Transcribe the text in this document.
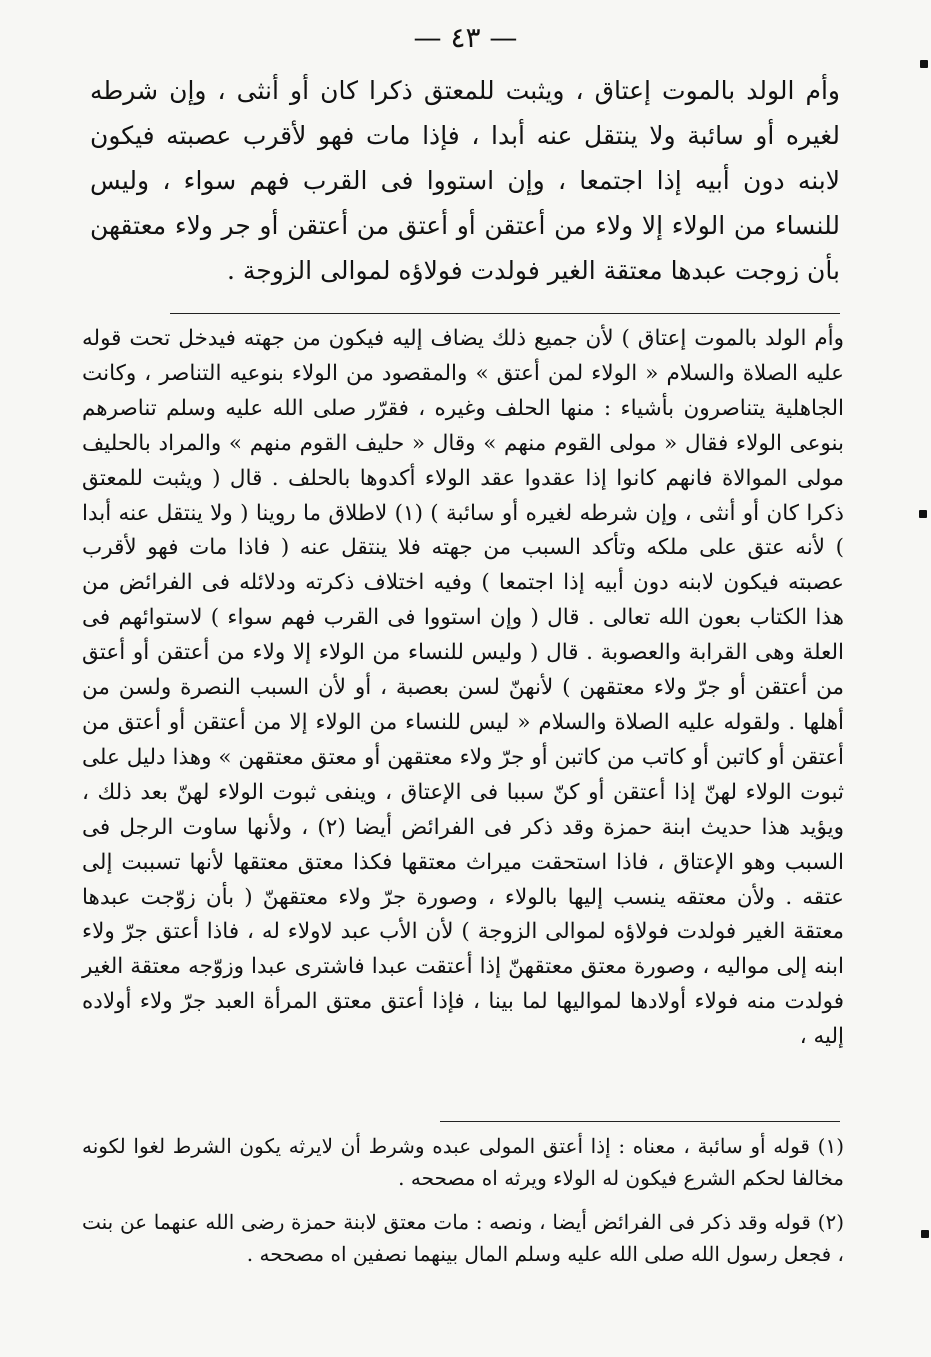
— ٤٣ —

وأم الولد بالموت إعتاق ، ويثبت للمعتق ذكرا كان أو أنثى ، وإن شرطه لغيره أو سائبة ولا ينتقل عنه أبدا ، فإذا مات فهو لأقرب عصبته فيكون لابنه دون أبيه إذا اجتمعا ، وإن استووا فى القرب فهم سواء ، وليس للنساء من الولاء إلا ولاء من أعتقن أو أعتق من أعتقن أو جر ولاء معتقهن بأن زوجت عبدها معتقة الغير فولدت فولاؤه لموالى الزوجة .

وأم الولد بالموت إعتاق ) لأن جميع ذلك يضاف إليه فيكون من جهته فيدخل تحت قوله عليه الصلاة والسلام « الولاء لمن أعتق » والمقصود من الولاء بنوعيه التناصر ، وكانت الجاهلية يتناصرون بأشياء : منها الحلف وغيره ، فقرّر صلى الله عليه وسلم تناصرهم بنوعى الولاء فقال « مولى القوم منهم » وقال « حليف القوم منهم » والمراد بالحليف مولى الموالاة فانهم كانوا إذا عقدوا عقد الولاء أكدوها بالحلف . قال ( ويثبت للمعتق ذكرا كان أو أنثى ، وإن شرطه لغيره أو سائبة ) (١) لاطلاق ما روينا ( ولا ينتقل عنه أبدا ) لأنه عتق على ملكه وتأكد السبب من جهته فلا ينتقل عنه ( فاذا مات فهو لأقرب عصبته فيكون لابنه دون أبيه إذا اجتمعا ) وفيه اختلاف ذكرته ودلائله فى الفرائض من هذا الكتاب بعون الله تعالى . قال ( وإن استووا فى القرب فهم سواء ) لاستوائهم فى العلة وهى القرابة والعصوبة . قال ( وليس للنساء من الولاء إلا ولاء من أعتقن أو أعتق من أعتقن أو جرّ ولاء معتقهن ) لأنهنّ لسن بعصبة ، أو لأن السبب النصرة ولسن من أهلها . ولقوله عليه الصلاة والسلام « ليس للنساء من الولاء إلا من أعتقن أو أعتق من أعتقن أو كاتبن أو كاتب من كاتبن أو جرّ ولاء معتقهن أو معتق معتقهن » وهذا دليل على ثبوت الولاء لهنّ إذا أعتقن أو كنّ سببا فى الإعتاق ، وينفى ثبوت الولاء لهنّ بعد ذلك ، ويؤيد هذا حديث ابنة حمزة وقد ذكر فى الفرائض أيضا (٢) ، ولأنها ساوت الرجل فى السبب وهو الإعتاق ، فاذا استحقت ميراث معتقها فكذا معتق معتقها لأنها تسببت إلى عتقه . ولأن معتقه ينسب إليها بالولاء ، وصورة جرّ ولاء معتقهنّ ( بأن زوّجت عبدها معتقة الغير فولدت فولاؤه لموالى الزوجة ) لأن الأب عبد لاولاء له ، فاذا أعتق جرّ ولاء ابنه إلى مواليه ، وصورة معتق معتقهنّ إذا أعتقت عبدا فاشترى عبدا وزوّجه معتقة الغير فولدت منه فولاء أولادها لمواليها لما بينا ، فإذا أعتق معتق المرأة العبد جرّ ولاء أولاده إليه ،

(١) قوله أو سائبة ، معناه : إذا أعتق المولى عبده وشرط أن لايرثه يكون الشرط لغوا لكونه مخالفا لحكم الشرع فيكون له الولاء ويرثه اه مصححه .

(٢) قوله وقد ذكر فى الفرائض أيضا ، ونصه : مات معتق لابنة حمزة رضى الله عنهما عن بنت ، فجعل رسول الله صلى الله عليه وسلم المال بينهما نصفين اه مصححه .
